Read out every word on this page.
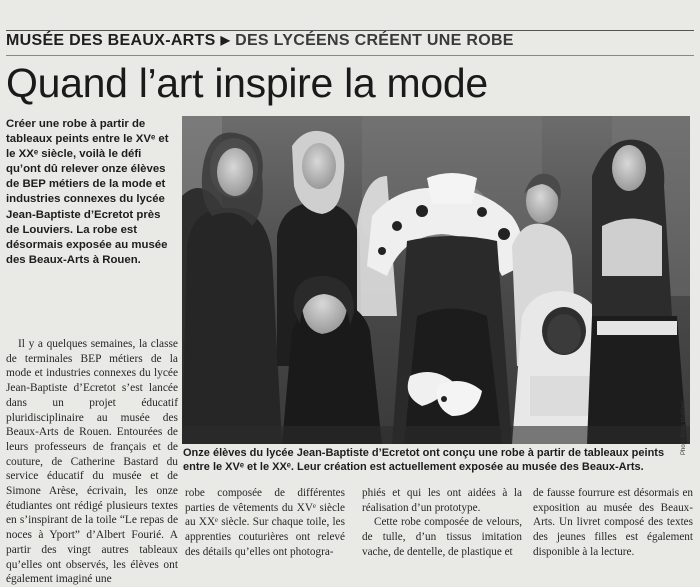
MUSÉE DES BEAUX-ARTS ▶ DES LYCÉENS CRÉENT UNE ROBE
Quand l’art inspire la mode

Créer une robe à partir de tableaux peints entre le XVᵉ et le XXᵉ siècle, voilà le défi qu’ont dû relever onze élèves de BEP métiers de la mode et industries connexes du lycée Jean-Baptiste d’Ecretot près de Louviers. La robe est désormais exposée au musée des Beaux-Arts à Rouen.

Il y a quelques semaines, la classe de terminales BEP métiers de la mode et industries connexes du lycée Jean-Baptiste d’Ecretot s’est lancée dans un projet éducatif pluridisciplinaire au musée des Beaux-Arts de Rouen. Entourées de leurs professeurs de français et de couture, de Catherine Bastard du service éducatif du musée et de Simone Arèse, écrivain, les onze étudiantes ont rédigé plusieurs textes en s’inspirant de la toile “Le repas de noces à Yport” d’Albert Fourié. A partir des vingt autres tableaux qu’elles ont observés, les élèves ont également imaginé une

Photo Boris Maillard
Onze élèves du lycée Jean-Baptiste d’Ecretot ont conçu une robe à partir de tableaux peints entre le XVᵉ et le XXᵉ. Leur création est actuellement exposée au musée des Beaux-Arts.

robe composée de différentes parties de vêtements du XVᵉ siècle au XXᵉ siècle. Sur chaque toile, les apprenties couturières ont relevé des détails qu’elles ont photogra-

phiés et qui les ont aidées à la réalisation d’un prototype.

Cette robe composée de velours, de tulle, d’un tissus imitation vache, de dentelle, de plastique et

de fausse fourrure est désormais en exposition au musée des Beaux-Arts. Un livret composé des textes des jeunes filles est également disponible à la lecture.
